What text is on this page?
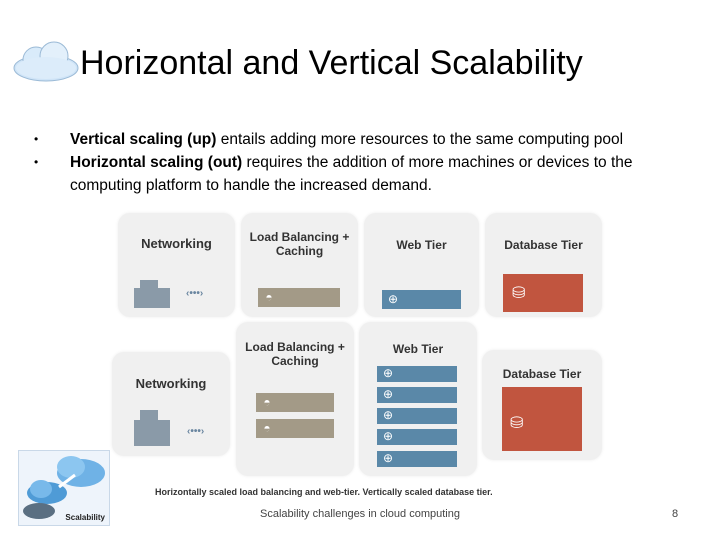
Horizontal and Vertical Scalability
• Vertical scaling (up) entails adding more resources to the same computing pool
• Horizontal scaling (out) requires the addition of more machines or devices to the computing platform to handle the increased demand.
Networking
‹•••›
Load Balancing +
Caching
◓
Web Tier
⊕
Database Tier
⛁
Networking
‹•••›
Load Balancing +
Caching
◓
◓
Web Tier
⊕
⊕
⊕
⊕
⊕
Database Tier
⛁
Horizontally scaled load balancing and web-tier. Vertically scaled database tier.
Scalability	Scalability challenges in cloud computing	8
